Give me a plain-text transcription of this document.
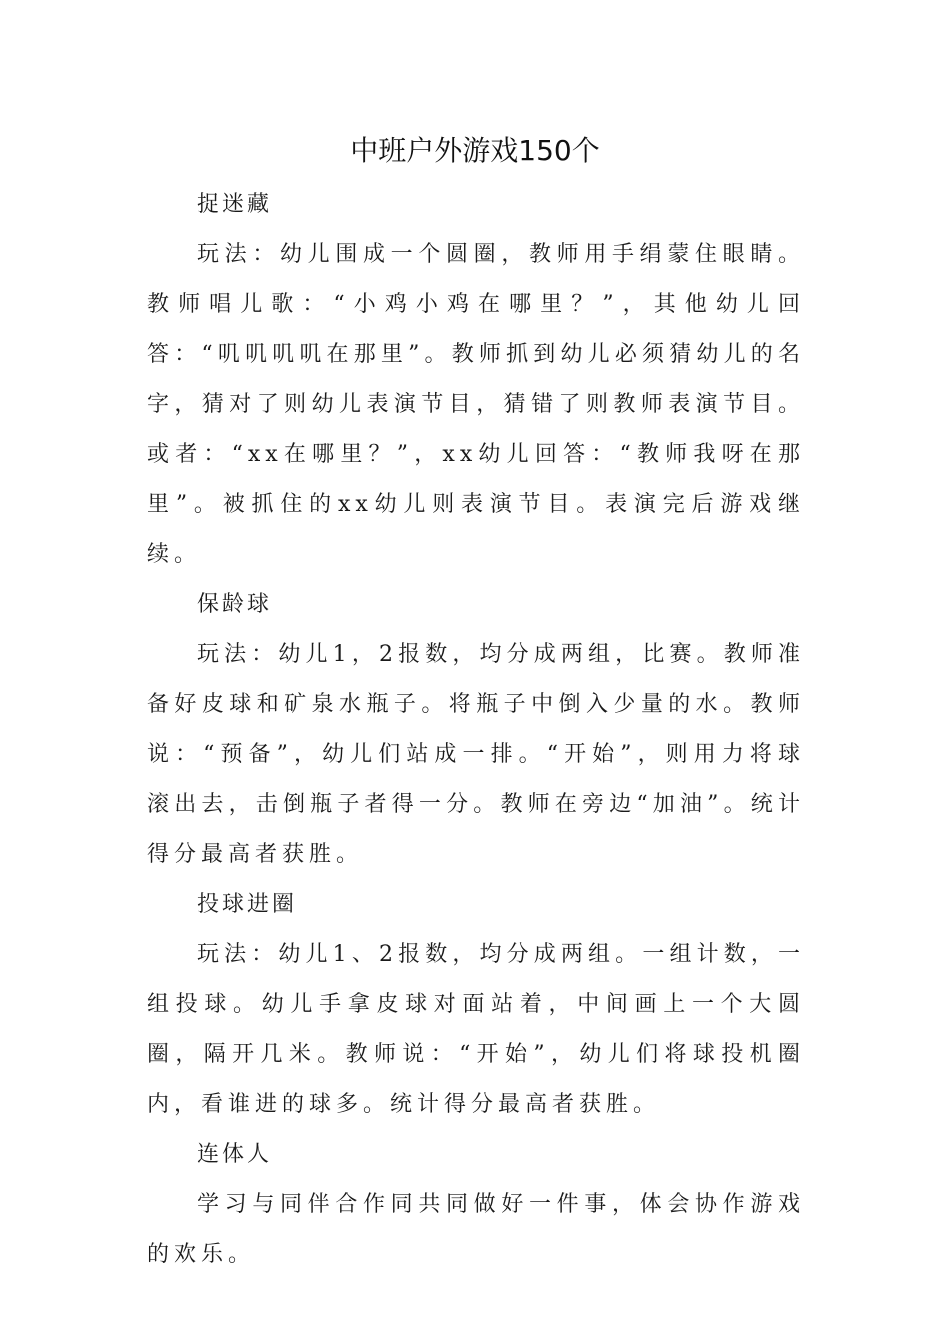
中班户外游戏150个

捉迷藏

玩法：幼儿围成一个圆圈，教师用手绢蒙住眼睛。教师唱儿歌：“小鸡小鸡在哪里？”，其他幼儿回答：“叽叽叽叽在那里”。教师抓到幼儿必须猜幼儿的名字，猜对了则幼儿表演节目，猜错了则教师表演节目。或者：“xx在哪里？”，xx幼儿回答：“教师我呀在那里”。被抓住的xx幼儿则表演节目。表演完后游戏继续。

保龄球

玩法：幼儿1，2报数，均分成两组，比赛。教师准备好皮球和矿泉水瓶子。将瓶子中倒入少量的水。教师说：“预备”，幼儿们站成一排。“开始”，则用力将球滚出去，击倒瓶子者得一分。教师在旁边“加油”。统计得分最高者获胜。

投球进圈

玩法：幼儿1、2报数，均分成两组。一组计数，一组投球。幼儿手拿皮球对面站着，中间画上一个大圆圈，隔开几米。教师说：“开始”，幼儿们将球投机圈内，看谁进的球多。统计得分最高者获胜。

连体人

学习与同伴合作同共同做好一件事，体会协作游戏的欢乐。
